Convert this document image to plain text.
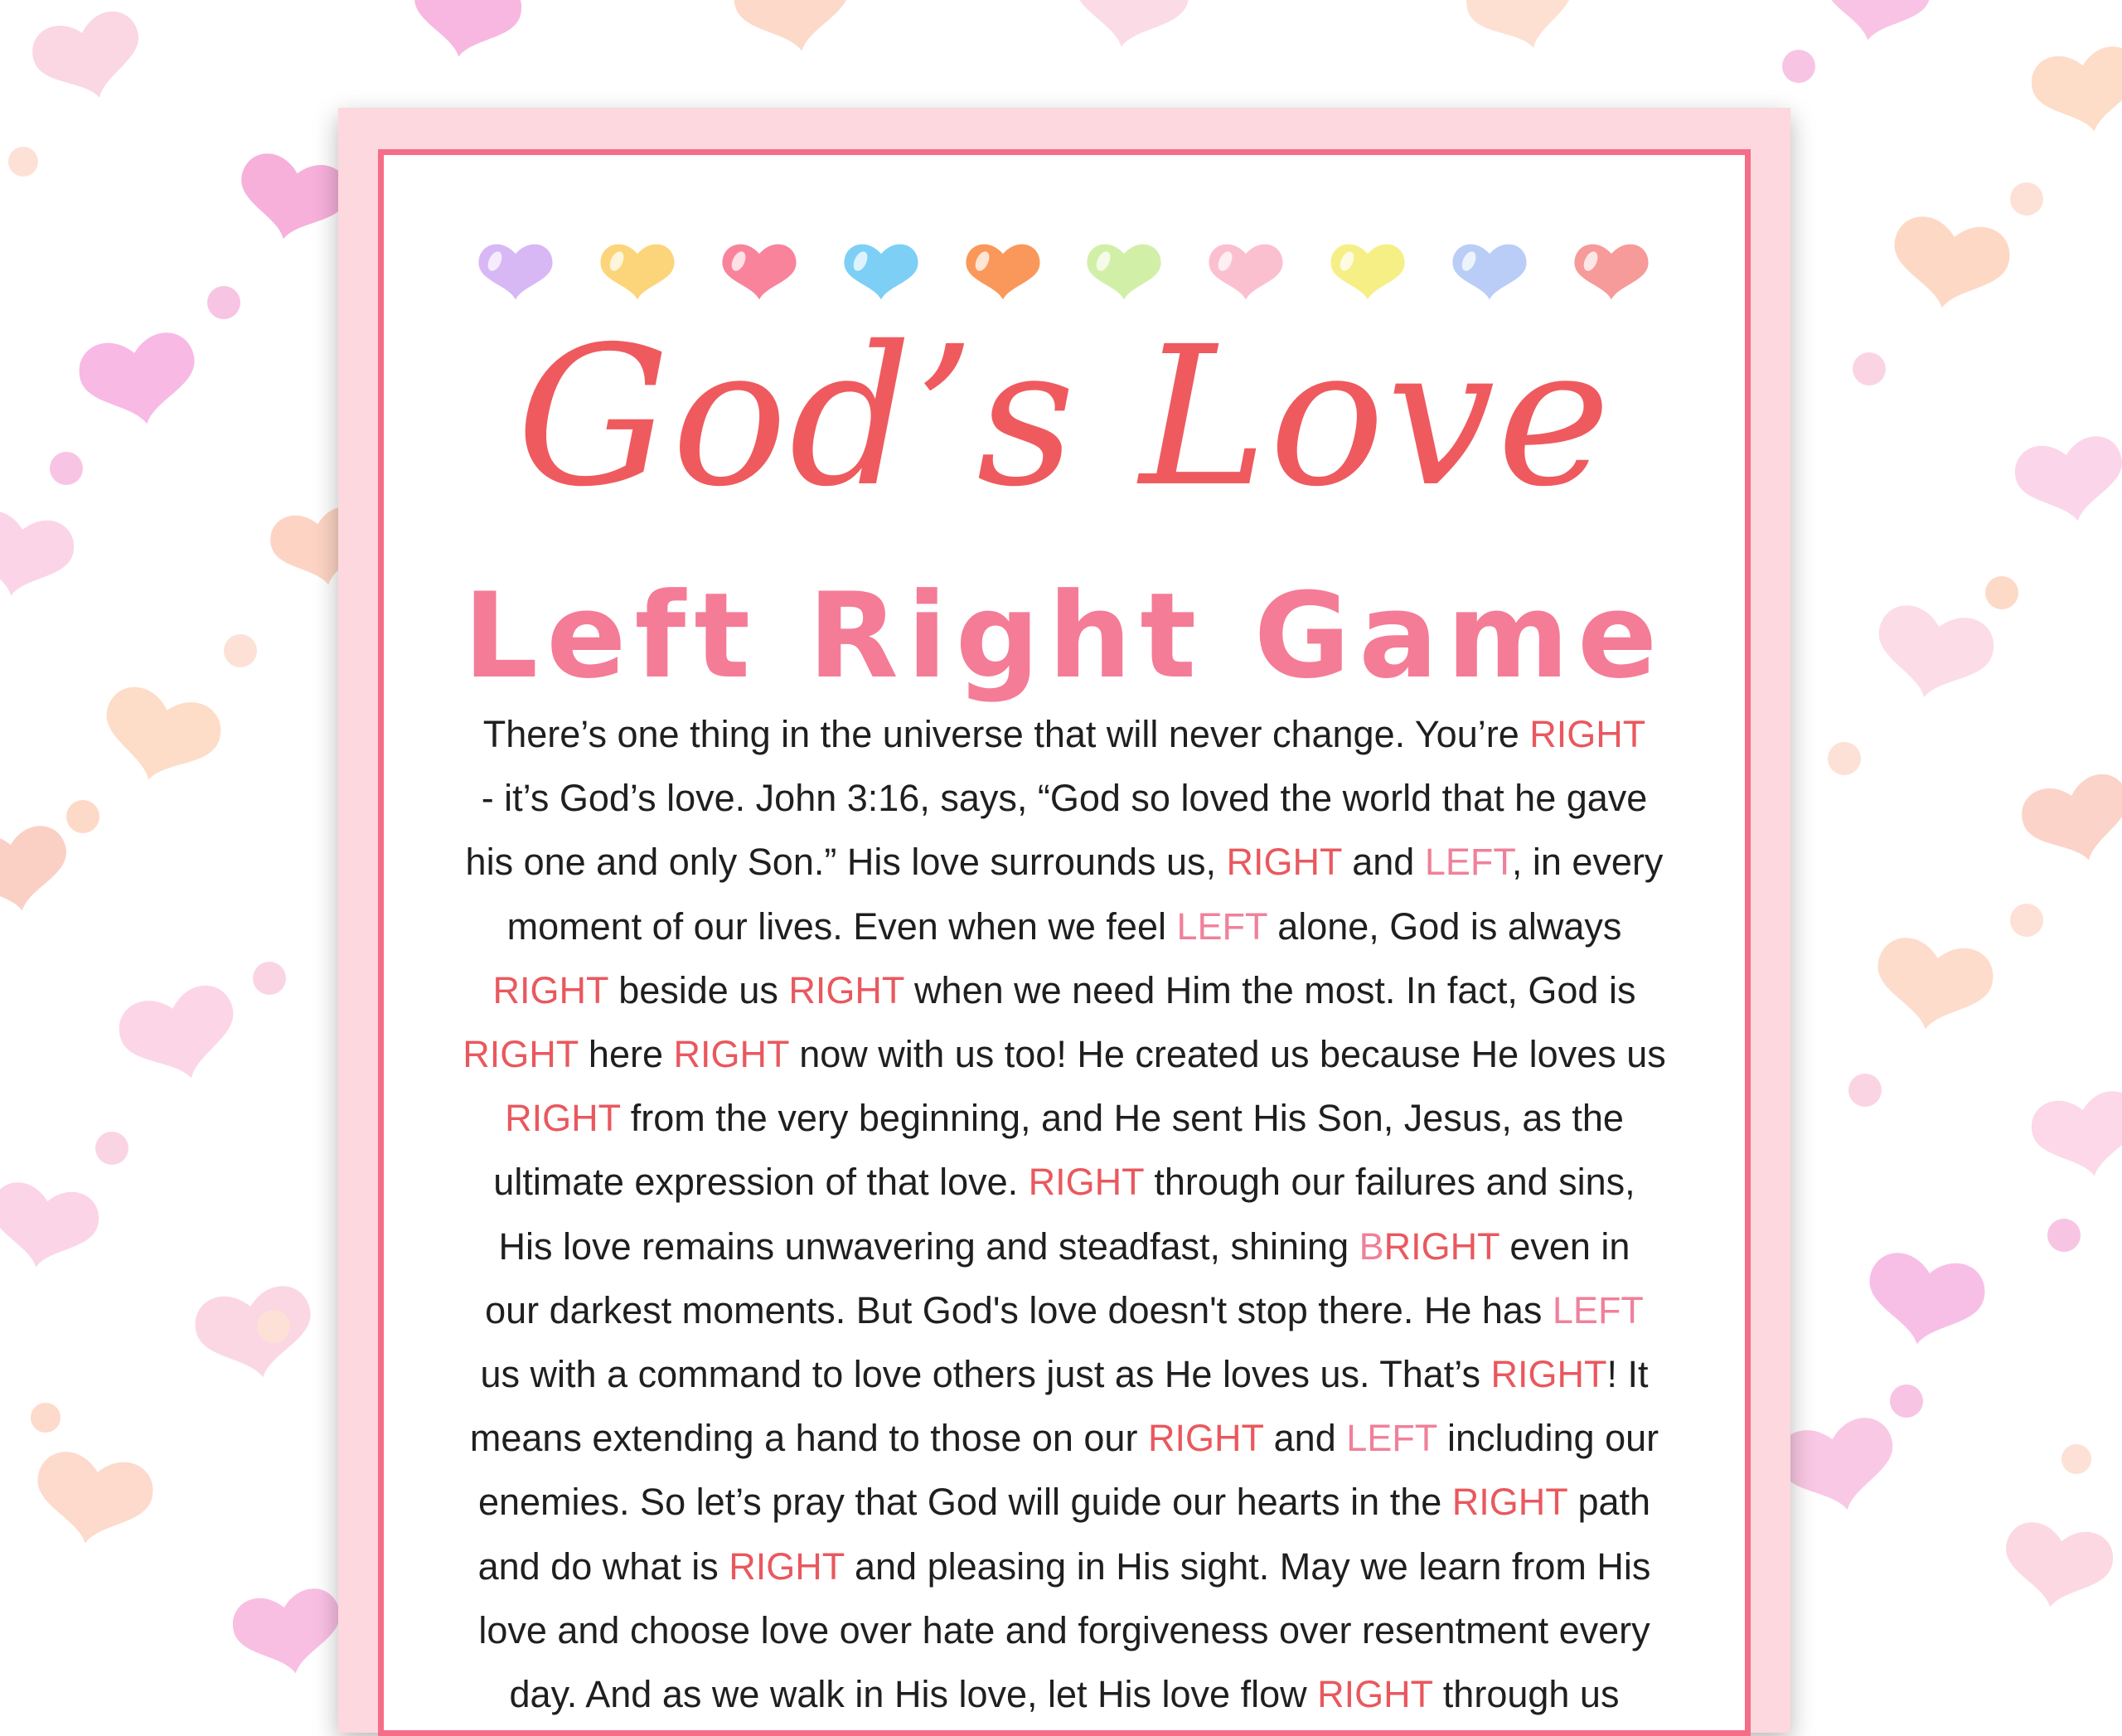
God’s Love
Left Right Game
There’s one thing in the universe that will never change. You’re RIGHT
- it’s God’s love. John 3:16, says, “God so loved the world that he gave
his one and only Son.” His love surrounds us, RIGHT and LEFT, in every
moment of our lives. Even when we feel LEFT alone, God is always
RIGHT beside us RIGHT when we need Him the most. In fact, God is
RIGHT here RIGHT now with us too! He created us because He loves us
RIGHT from the very beginning, and He sent His Son, Jesus, as the
ultimate expression of that love. RIGHT through our failures and sins,
His love remains unwavering and steadfast, shining BRIGHT even in
our darkest moments. But God's love doesn't stop there. He has LEFT
us with a command to love others just as He loves us. That’s RIGHT! It
means extending a hand to those on our RIGHT and LEFT including our
enemies. So let’s pray that God will guide our hearts in the RIGHT path
and do what is RIGHT and pleasing in His sight. May we learn from His
love and choose love over hate and forgiveness over resentment every
day. And as we walk in His love, let His love flow RIGHT through us
